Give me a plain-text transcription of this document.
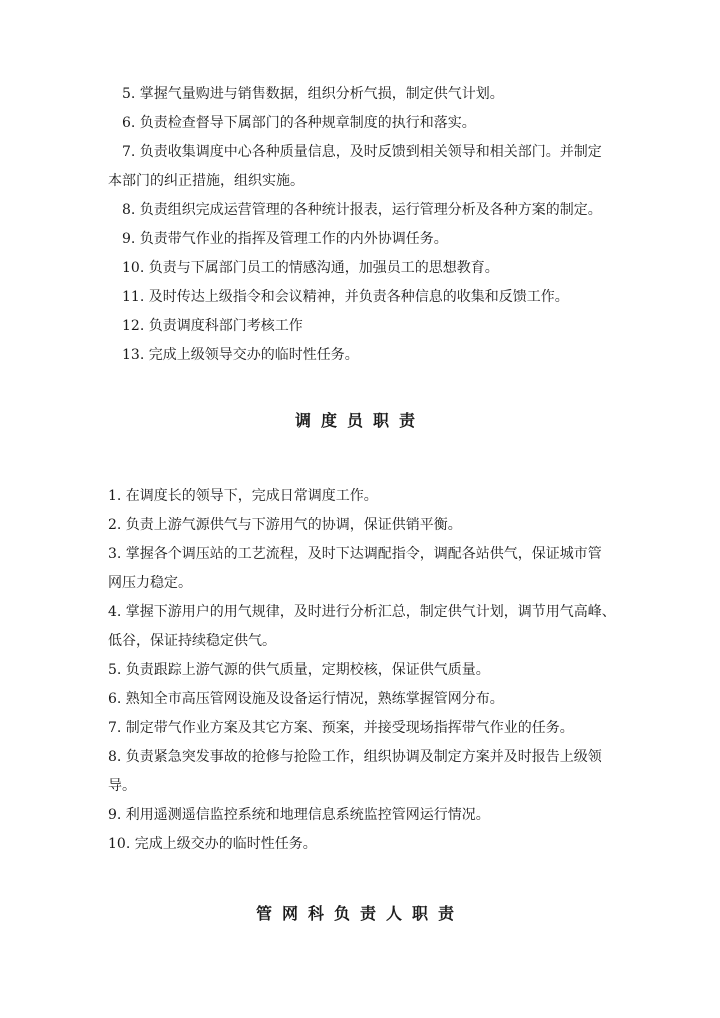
5. 掌握气量购进与销售数据，组织分析气损，制定供气计划。
6. 负责检查督导下属部门的各种规章制度的执行和落实。
7. 负责收集调度中心各种质量信息，及时反馈到相关领导和相关部门。并制定
本部门的纠正措施，组织实施。
8. 负责组织完成运营管理的各种统计报表，运行管理分析及各种方案的制定。
9. 负责带气作业的指挥及管理工作的内外协调任务。
10. 负责与下属部门员工的情感沟通，加强员工的思想教育。
11. 及时传达上级指令和会议精神，并负责各种信息的收集和反馈工作。
12. 负责调度科部门考核工作
13. 完成上级领导交办的临时性任务。
调度员职责
1. 在调度长的领导下，完成日常调度工作。
2. 负责上游气源供气与下游用气的协调，保证供销平衡。
3. 掌握各个调压站的工艺流程，及时下达调配指令，调配各站供气，保证城市管
网压力稳定。
4. 掌握下游用户的用气规律，及时进行分析汇总，制定供气计划，调节用气高峰、
低谷，保证持续稳定供气。
5. 负责跟踪上游气源的供气质量，定期校核，保证供气质量。
6. 熟知全市高压管网设施及设备运行情况，熟练掌握管网分布。
7. 制定带气作业方案及其它方案、预案，并接受现场指挥带气作业的任务。
8. 负责紧急突发事故的抢修与抢险工作，组织协调及制定方案并及时报告上级领
导。
9. 利用遥测遥信监控系统和地理信息系统监控管网运行情况。
10. 完成上级交办的临时性任务。
管网科负责人职责
